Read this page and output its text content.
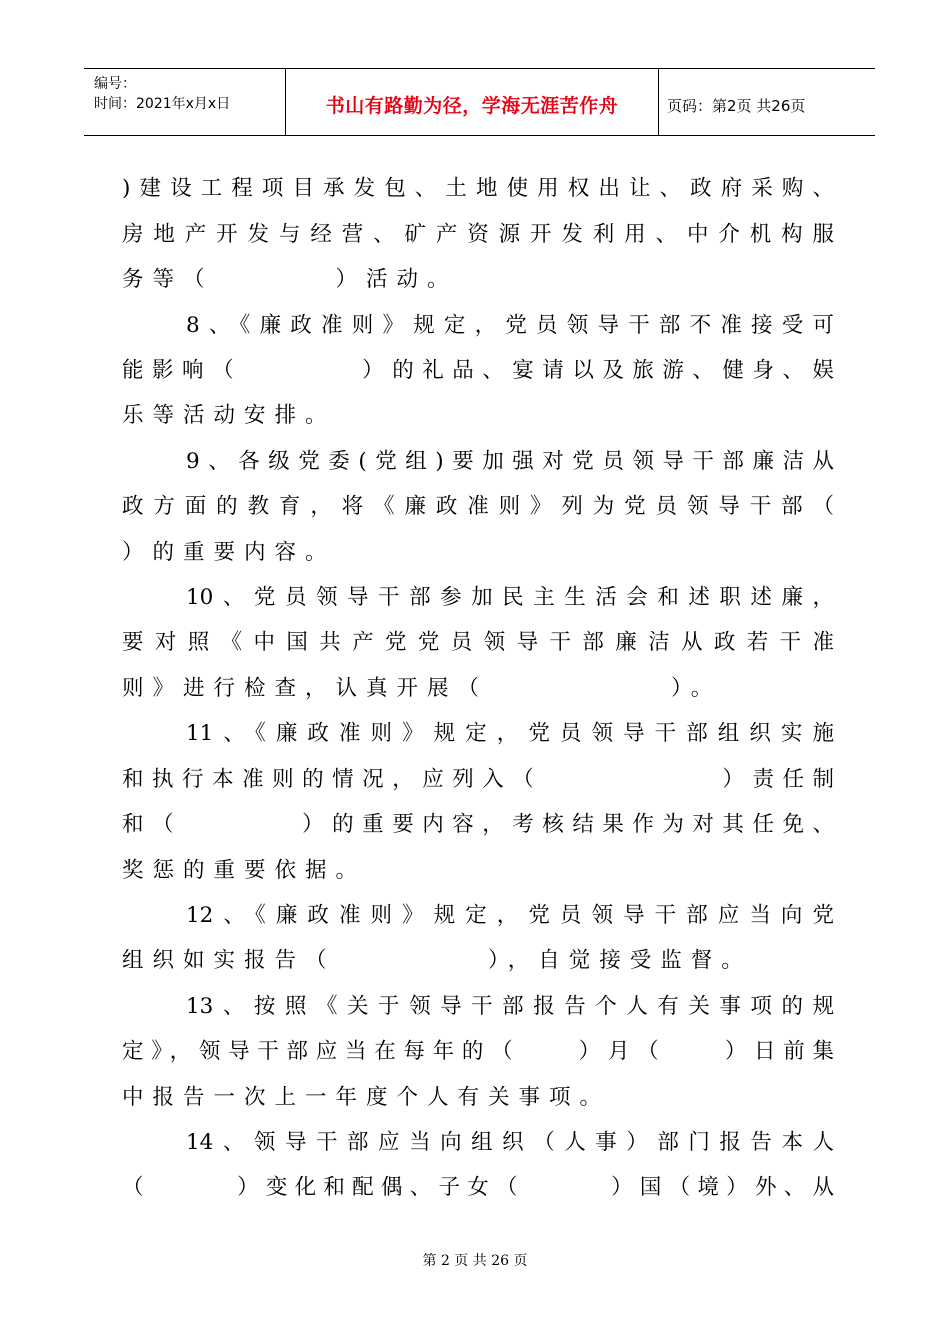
编号：
时间：2021年x月x日	书山有路勤为径，学海无涯苦作舟	页码：第2页 共26页
)建设工程项目承发包、土地使用权出让、政府采购、
房地产开发与经营、矿产资源开发利用、中介机构服
务等（　　　　）活动。
8、《廉政准则》规定，党员领导干部不准接受可
能影响（　　　　）的礼品、宴请以及旅游、健身、娱
乐等活动安排。
9、各级党委(党组)要加强对党员领导干部廉洁从
政方面的教育，将《廉政准则》列为党员领导干部（
）的重要内容。
10、党员领导干部参加民主生活会和述职述廉，
要对照《中国共产党党员领导干部廉洁从政若干准
则》进行检查，认真开展（　　　　　　）。
11、《廉政准则》规定，党员领导干部组织实施
和执行本准则的情况，应列入（　　　　　　）责任制
和（　　　　）的重要内容，考核结果作为对其任免、
奖惩的重要依据。
12、《廉政准则》规定，党员领导干部应当向党
组织如实报告（　　　　　），自觉接受监督。
13、按照《关于领导干部报告个人有关事项的规
定》，领导干部应当在每年的（　　）月（　　）日前集
中报告一次上一年度个人有关事项。
14、领导干部应当向组织（人事）部门报告本人
（　　　）变化和配偶、子女（　　　）国（境）外、从
第 2 页 共 26 页
